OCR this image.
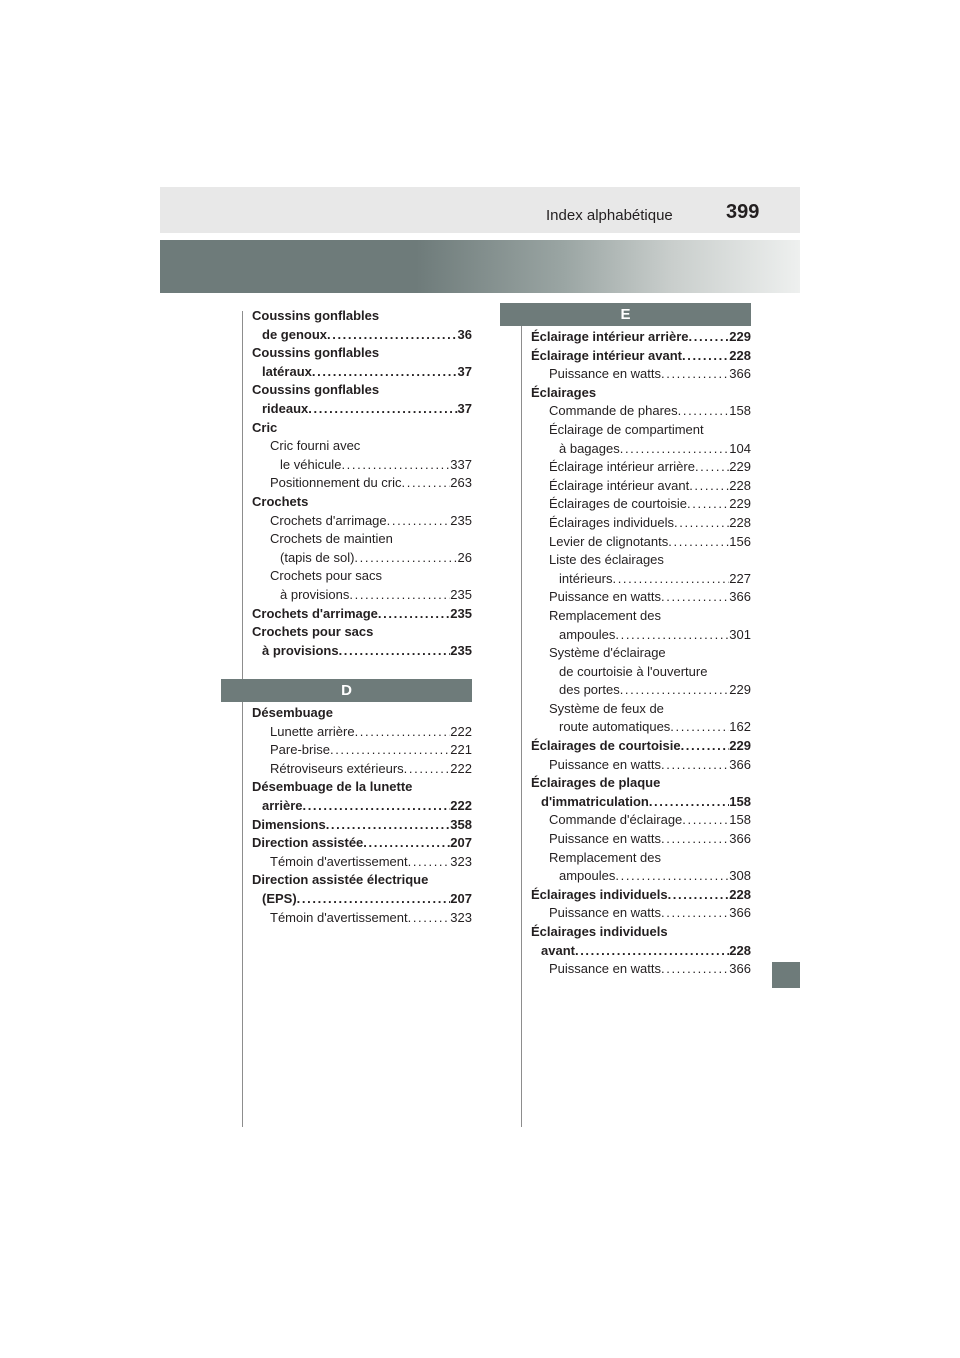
Index alphabétique	399
Coussins gonflables
de genoux . . .	36
Coussins gonflables
latéraux . . .	37
Coussins gonflables
rideaux . . .	37
Cric
Cric fourni avec
le véhicule . . .	337
Positionnement du cric . . .	263
Crochets
Crochets d'arrimage . . .	235
Crochets de maintien
(tapis de sol) . . .	26
Crochets pour sacs
à provisions . . .	235
Crochets d'arrimage . . .	235
Crochets pour sacs
à provisions . . .	235
D
Désembuage
Lunette arrière . . .	222
Pare-brise . . .	221
Rétroviseurs extérieurs . . .	222
Désembuage de la lunette
arrière . . .	222
Dimensions . . .	358
Direction assistée . . .	207
Témoin d'avertissement . . .	323
Direction assistée électrique
(EPS) . . .	207
Témoin d'avertissement . . .	323
E
Éclairage intérieur arrière . . .	229
Éclairage intérieur avant . . .	228
Puissance en watts . . .	366
Éclairages
Commande de phares . . .	158
Éclairage de compartiment
à bagages . . .	104
Éclairage intérieur arrière . . .	229
Éclairage intérieur avant . . .	228
Éclairages de courtoisie . . .	229
Éclairages individuels . . .	228
Levier de clignotants . . .	156
Liste des éclairages
intérieurs . . .	227
Puissance en watts . . .	366
Remplacement des
ampoules . . .	301
Système d'éclairage
de courtoisie à l'ouverture
des portes . . .	229
Système de feux de
route automatiques . . .	162
Éclairages de courtoisie . . .	229
Puissance en watts . . .	366
Éclairages de plaque
d'immatriculation . . .	158
Commande d'éclairage . . .	158
Puissance en watts . . .	366
Remplacement des
ampoules . . .	308
Éclairages individuels . . .	228
Puissance en watts . . .	366
Éclairages individuels
avant . . .	228
Puissance en watts . . .	366
